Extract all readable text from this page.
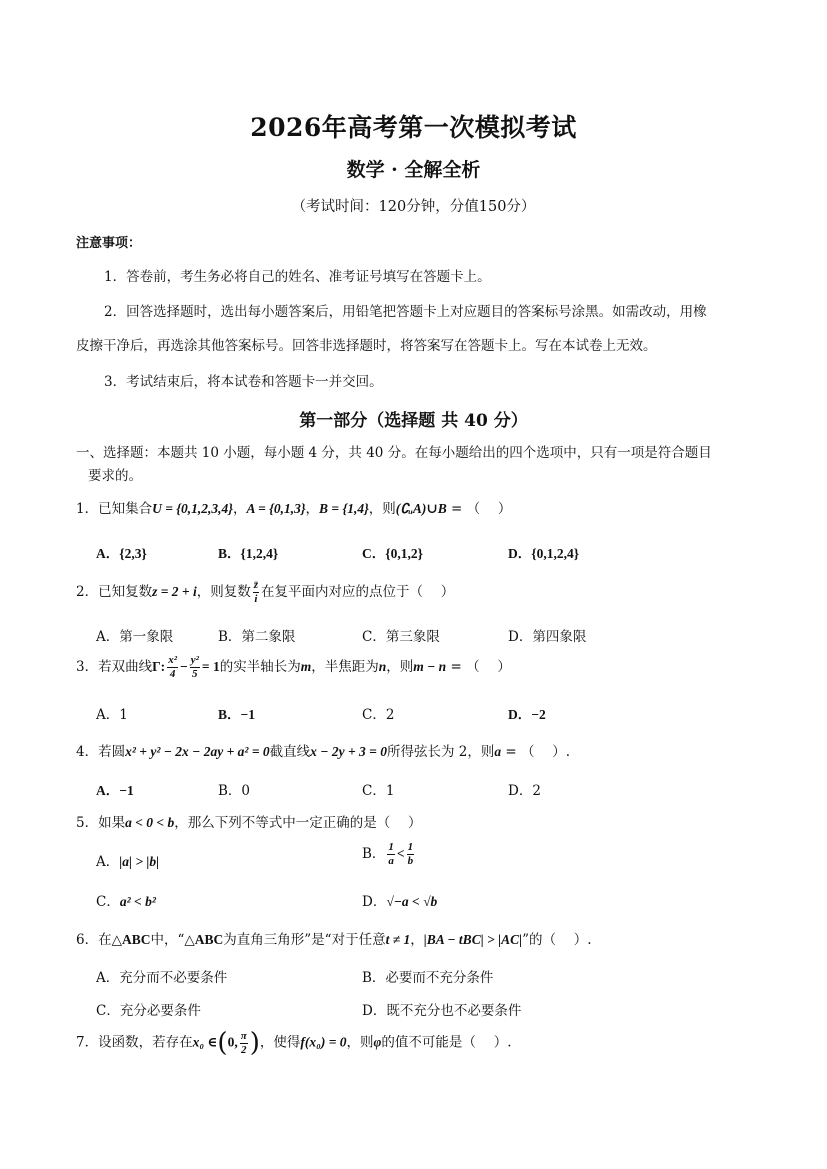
2026年高考第一次模拟考试
数学 · 全解全析
（考试时间：120分钟，分值150分）
注意事项：
1．答卷前，考生务必将自己的姓名、准考证号填写在答题卡上。
2．回答选择题时，选出每小题答案后，用铅笔把答题卡上对应题目的答案标号涂黑。如需改动，用橡
皮擦干净后，再选涂其他答案标号。回答非选择题时，将答案写在答题卡上。写在本试卷上无效。
3．考试结束后，将本试卷和答题卡一并交回。
第一部分（选择题 共 40 分）
一、选择题：本题共 10 小题，每小题 4 分，共 40 分。在每小题给出的四个选项中，只有一项是符合题目
要求的。
1．已知集合U = {0,1,2,3,4}，A = {0,1,3}，B = {1,4}，则(∁ᵤA)∪B = （　 ）
A．{2,3}	B．{1,2,4}	C．{0,1,2}	D．{0,1,2,4}
2．已知复数z = 2 + i，则复数 $\frac{z̄}{i}$ 在复平面内对应的点位于（　 ）
A．第一象限	B．第二象限	C．第三象限	D．第四象限
3．若双曲线Γ: $\frac{\text{x²}}{4} - \frac{\text{y²}}{5} = 1$的实半轴长为m，半焦距为n，则m − n = （　 ）
A．1	B．−1	C．2	D．−2
4．若圆x² + y² − 2x − 2ay + a² = 0截直线x − 2y + 3 = 0所得弦长为 2，则a = （　 ）.
A．−1	B．0	C．1	D．2
5．如果a < 0 < b，那么下列不等式中一定正确的是（　 ）
A．|a| > |b|	B． $\frac{1}{a} < \frac{1}{b}$
C．a² < b²	D．√−a < √b
6．在△ABC中，“△ABC为直角三角形”是“对于任意t ≠ 1，|BA − tBC| > |AC|”的（　 ）.
A．充分而不必要条件	B．必要而不充分条件
C．充分必要条件	D．既不充分也不必要条件
7．设函数，若存在x₀ ∈(0, $\frac{\pi}{2}$ )，使得f(x₀) = 0，则φ的值不可能是（　 ）.
